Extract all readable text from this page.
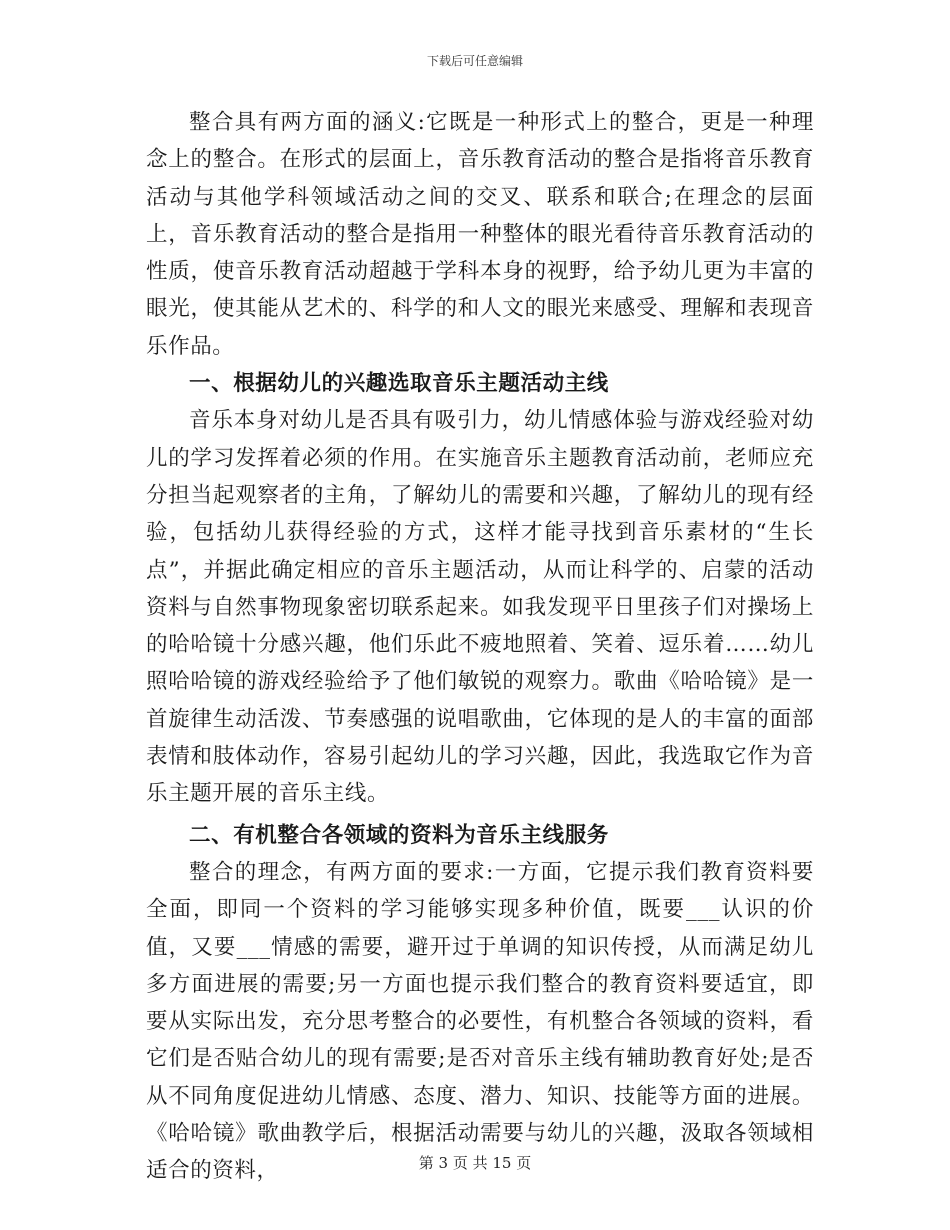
下载后可任意编辑

整合具有两方面的涵义:它既是一种形式上的整合，更是一种理念上的整合。在形式的层面上，音乐教育活动的整合是指将音乐教育活动与其他学科领域活动之间的交叉、联系和联合;在理念的层面上，音乐教育活动的整合是指用一种整体的眼光看待音乐教育活动的性质，使音乐教育活动超越于学科本身的视野，给予幼儿更为丰富的眼光，使其能从艺术的、科学的和人文的眼光来感受、理解和表现音乐作品。

一、根据幼儿的兴趣选取音乐主题活动主线

音乐本身对幼儿是否具有吸引力，幼儿情感体验与游戏经验对幼儿的学习发挥着必须的作用。在实施音乐主题教育活动前，老师应充分担当起观察者的主角，了解幼儿的需要和兴趣，了解幼儿的现有经验，包括幼儿获得经验的方式，这样才能寻找到音乐素材的“生长点”，并据此确定相应的音乐主题活动，从而让科学的、启蒙的活动资料与自然事物现象密切联系起来。如我发现平日里孩子们对操场上的哈哈镜十分感兴趣，他们乐此不疲地照着、笑着、逗乐着……幼儿照哈哈镜的游戏经验给予了他们敏锐的观察力。歌曲《哈哈镜》是一首旋律生动活泼、节奏感强的说唱歌曲，它体现的是人的丰富的面部表情和肢体动作，容易引起幼儿的学习兴趣，因此，我选取它作为音乐主题开展的音乐主线。

二、有机整合各领域的资料为音乐主线服务

整合的理念，有两方面的要求:一方面，它提示我们教育资料要全面，即同一个资料的学习能够实现多种价值，既要___认识的价值，又要___情感的需要，避开过于单调的知识传授，从而满足幼儿多方面进展的需要;另一方面也提示我们整合的教育资料要适宜，即要从实际出发，充分思考整合的必要性，有机整合各领域的资料，看它们是否贴合幼儿的现有需要;是否对音乐主线有辅助教育好处;是否从不同角度促进幼儿情感、态度、潜力、知识、技能等方面的进展。《哈哈镜》歌曲教学后，根据活动需要与幼儿的兴趣，汲取各领域相适合的资料，	第 3 页 共 15 页
